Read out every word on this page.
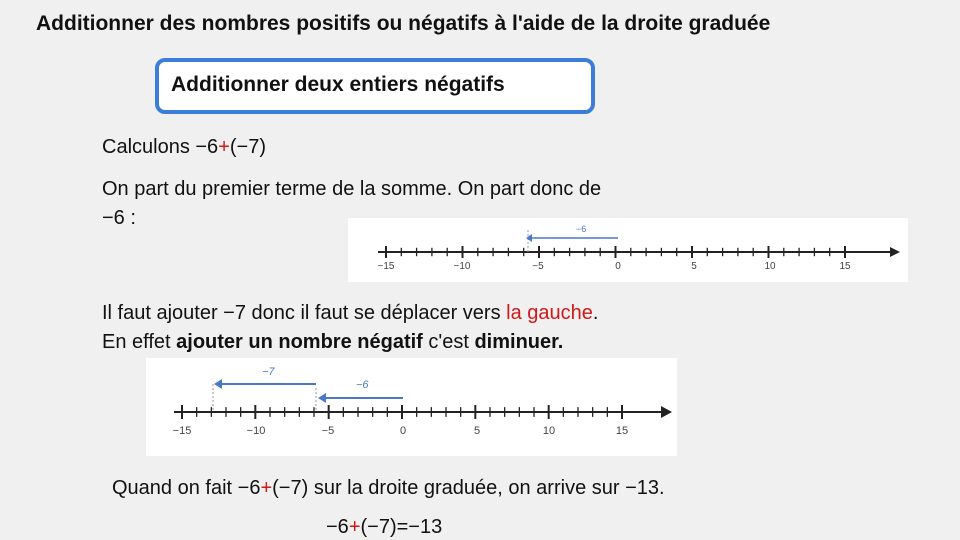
Additionner des nombres positifs ou négatifs à l'aide de la droite graduée
Additionner deux entiers négatifs
Calculons −6+(−7)
On part du premier terme de la somme. On part donc de
−6 :	−6
−15	−10	−5	0	5	10	15
Il faut ajouter −7 donc il faut se déplacer vers la gauche.
En effet ajouter un nombre négatif c'est diminuer.
−7
−6
−15	−10	−5	0	5	10	15
Quand on fait −6+(−7) sur la droite graduée, on arrive sur −13.
−6+(−7)=−13
